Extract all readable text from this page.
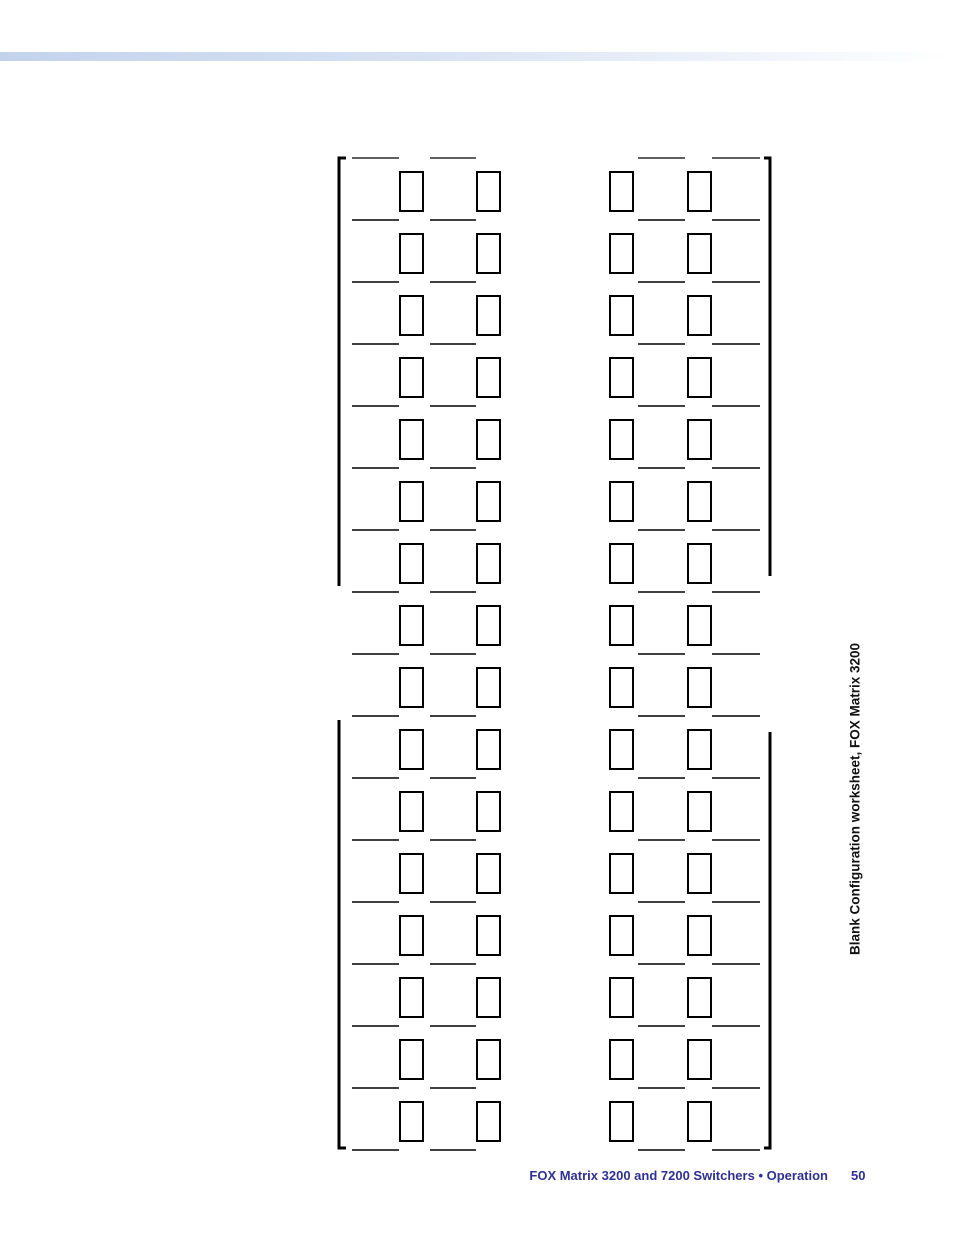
Blank Configuration worksheet, FOX Matrix 3200
FOX Matrix 3200 and 7200 Switchers • Operation 50
